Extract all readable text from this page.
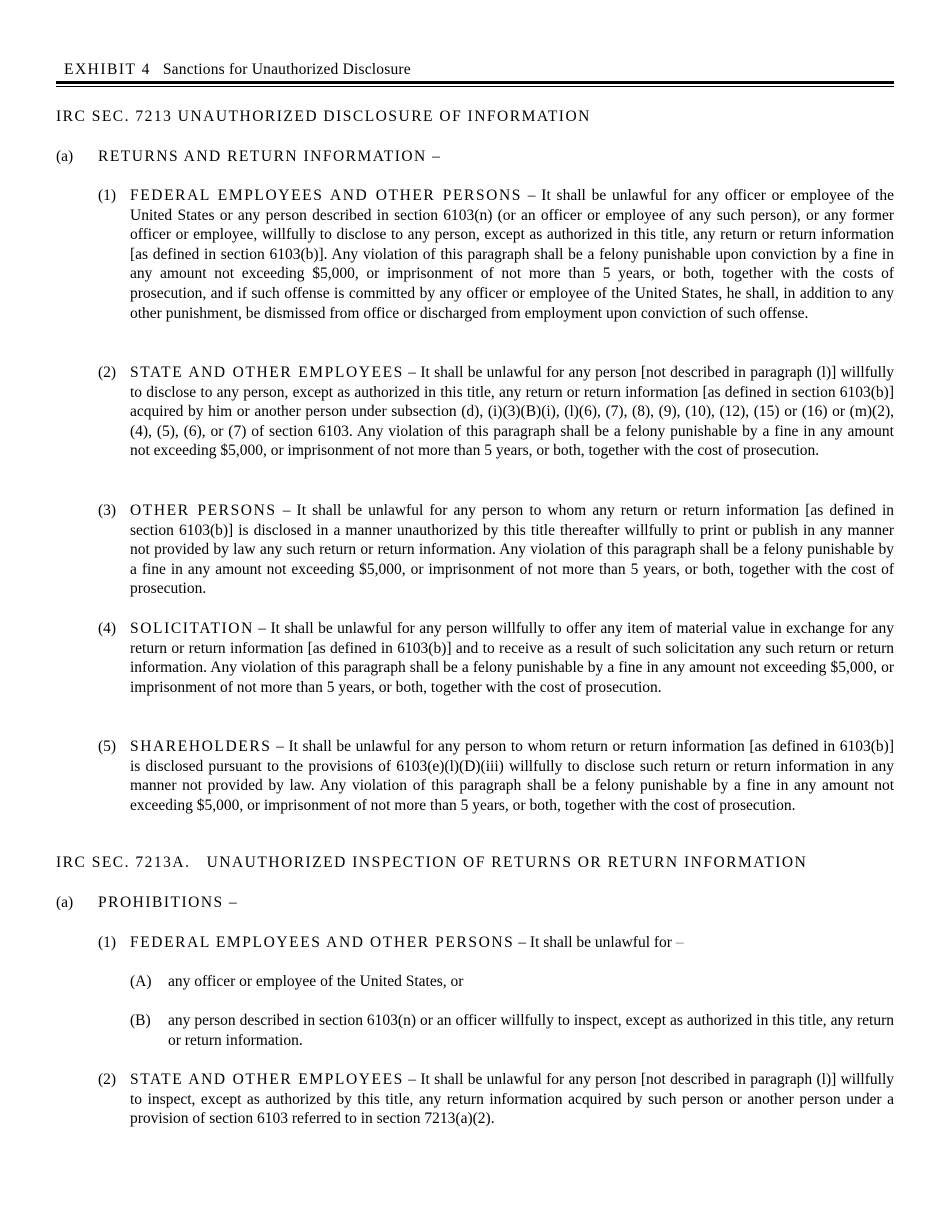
EXHIBIT 4 Sanctions for Unauthorized Disclosure
IRC SEC. 7213 UNAUTHORIZED DISCLOSURE OF INFORMATION
(a) RETURNS AND RETURN INFORMATION –

(1) FEDERAL EMPLOYEES AND OTHER PERSONS – It shall be unlawful for any officer or employee of the United States or any person described in section 6103(n) (or an officer or employee of any such person), or any former officer or employee, willfully to disclose to any person, except as authorized in this title, any return or return information [as defined in section 6103(b)]. Any violation of this paragraph shall be a felony punishable upon conviction by a fine in any amount not exceeding $5,000, or imprisonment of not more than 5 years, or both, together with the costs of prosecution, and if such offense is committed by any officer or employee of the United States, he shall, in addition to any other punishment, be dismissed from office or discharged from employment upon conviction of such offense.

(2) STATE AND OTHER EMPLOYEES – It shall be unlawful for any person [not described in paragraph (l)] willfully to disclose to any person, except as authorized in this title, any return or return information [as defined in section 6103(b)] acquired by him or another person under subsection (d), (i)(3)(B)(i), (l)(6), (7), (8), (9), (10), (12), (15) or (16) or (m)(2), (4), (5), (6), or (7) of section 6103. Any violation of this paragraph shall be a felony punishable by a fine in any amount not exceeding $5,000, or imprisonment of not more than 5 years, or both, together with the cost of prosecution.

(3) OTHER PERSONS – It shall be unlawful for any person to whom any return or return information [as defined in section 6103(b)] is disclosed in a manner unauthorized by this title thereafter willfully to print or publish in any manner not provided by law any such return or return information. Any violation of this paragraph shall be a felony punishable by a fine in any amount not exceeding $5,000, or imprisonment of not more than 5 years, or both, together with the cost of prosecution.

(4) SOLICITATION – It shall be unlawful for any person willfully to offer any item of material value in exchange for any return or return information [as defined in 6103(b)] and to receive as a result of such solicitation any such return or return information. Any violation of this paragraph shall be a felony punishable by a fine in any amount not exceeding $5,000, or imprisonment of not more than 5 years, or both, together with the cost of prosecution.

(5) SHAREHOLDERS – It shall be unlawful for any person to whom return or return information [as defined in 6103(b)] is disclosed pursuant to the provisions of 6103(e)(l)(D)(iii) willfully to disclose such return or return information in any manner not provided by law. Any violation of this paragraph shall be a felony punishable by a fine in any amount not exceeding $5,000, or imprisonment of not more than 5 years, or both, together with the cost of prosecution.

IRC SEC. 7213A.   UNAUTHORIZED INSPECTION OF RETURNS OR RETURN INFORMATION
(a) PROHIBITIONS –

(1) FEDERAL EMPLOYEES AND OTHER PERSONS – It shall be unlawful for –

(A) any officer or employee of the United States, or

(B) any person described in section 6103(n) or an officer willfully to inspect, except as authorized in this title, any return or return information.

(2) STATE AND OTHER EMPLOYEES – It shall be unlawful for any person [not described in paragraph (l)] willfully to inspect, except as authorized by this title, any return information acquired by such person or another person under a provision of section 6103 referred to in section 7213(a)(2).
